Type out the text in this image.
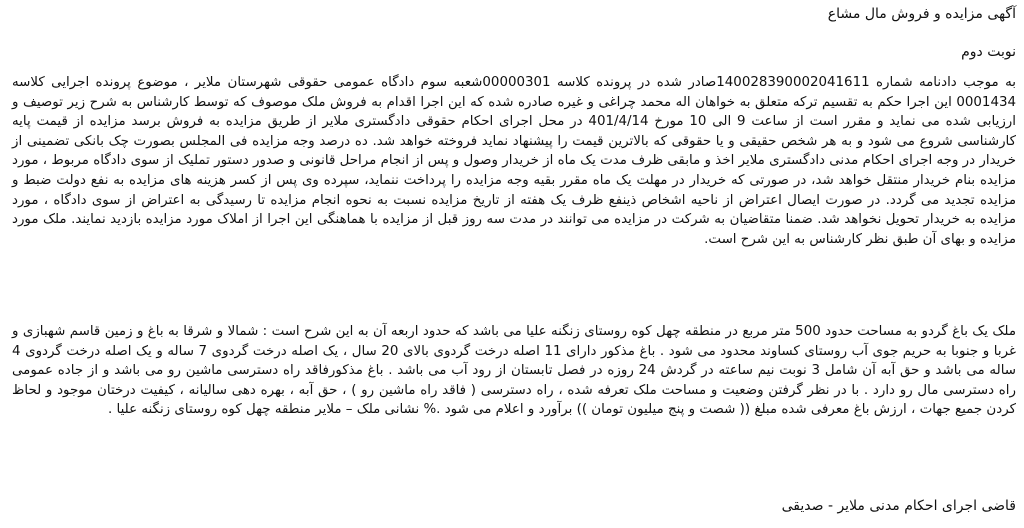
آگهی مزایده و فروش مال مشاع
نوبت دوم
به موجب دادنامه شماره 140028390002041611صادر شده در پرونده کلاسه 00000301شعبه سوم دادگاه عمومی حقوقی شهرستان ملایر ، موضوع پرونده اجرایی کلاسه 0001434 این اجرا حکم به تقسیم ترکه متعلق به خواهان اله محمد چراغی و غیره صادره شده که این اجرا اقدام به فروش ملک موصوف که توسط کارشناس به شرح زیر توصیف و ارزیابی شده می نماید و مقرر است از ساعت 9 الی 10 مورخ 401/4/14 در محل اجرای احکام حقوقی دادگستری ملایر از طریق مزایده به فروش برسد مزایده از قیمت پایه کارشناسی شروع می شود و به هر شخص حقیقی و یا حقوقی که بالاترین قیمت را پیشنهاد نماید فروخته خواهد شد. ده درصد وجه مزایده فی المجلس بصورت چک بانکی تضمینی از خریدار در وجه اجرای احکام مدنی دادگستری ملایر اخذ و مابقی ظرف مدت یک ماه از خریدار وصول و پس از انجام مراحل قانونی و صدور دستور تملیک از سوی دادگاه مربوط ، مورد مزایده بنام خریدار منتقل خواهد شد، در صورتی که خریدار در مهلت یک ماه مقرر بقیه وجه مزایده را پرداخت ننماید، سپرده وی پس از کسر هزینه های مزایده به نفع دولت ضبط و مزایده تجدید می گردد. در صورت ایصال اعتراض از ناحیه اشخاص ذینفع ظرف یک هفته از تاریخ مزایده نسبت به نحوه انجام مزایده تا رسیدگی به اعتراض از سوی دادگاه ، مورد مزایده به خریدار تحویل نخواهد شد. ضمنا متقاضیان به شرکت در مزایده می توانند در مدت سه روز قبل از مزایده با هماهنگی این اجرا از املاک مورد مزایده بازدید نمایند. ملک مورد مزایده و بهای آن طبق نظر کارشناس به این شرح است.
ملک یک باغ گردو به مساحت حدود 500 متر مربع در منطقه چهل کوه روستای زنگنه علیا می باشد که حدود اربعه آن به این شرح است : شمالا و شرقا به باغ و زمین قاسم شهبازی و غربا و جنوبا به حریم جوی آب روستای کساوند محدود می شود . باغ مذکور دارای 11 اصله درخت گردوی بالای 20 سال ، یک اصله درخت گردوی 7 ساله و یک اصله درخت گردوی 4 ساله می باشد و حق آبه آن شامل 3 نوبت نیم ساعته در گردش 24 روزه در فصل تابستان از رود آب می باشد . باغ مذکورفاقد راه دسترسی ماشین رو می باشد و از جاده عمومی راه دسترسی مال رو دارد . با در نظر گرفتن وضعیت و مساحت ملک تعرفه شده ، راه دسترسی ( فاقد راه ماشین رو ) ، حق آبه ، بهره دهی سالیانه ، کیفیت درختان موجود و لحاظ کردن جمیع جهات ، ارزش باغ معرفی شده مبلغ (( شصت و پنج میلیون تومان )) برآورد و اعلام می شود .% نشانی ملک – ملایر منطقه چهل کوه روستای زنگنه علیا .
قاضی اجرای احکام مدنی ملایر - صدیقی
